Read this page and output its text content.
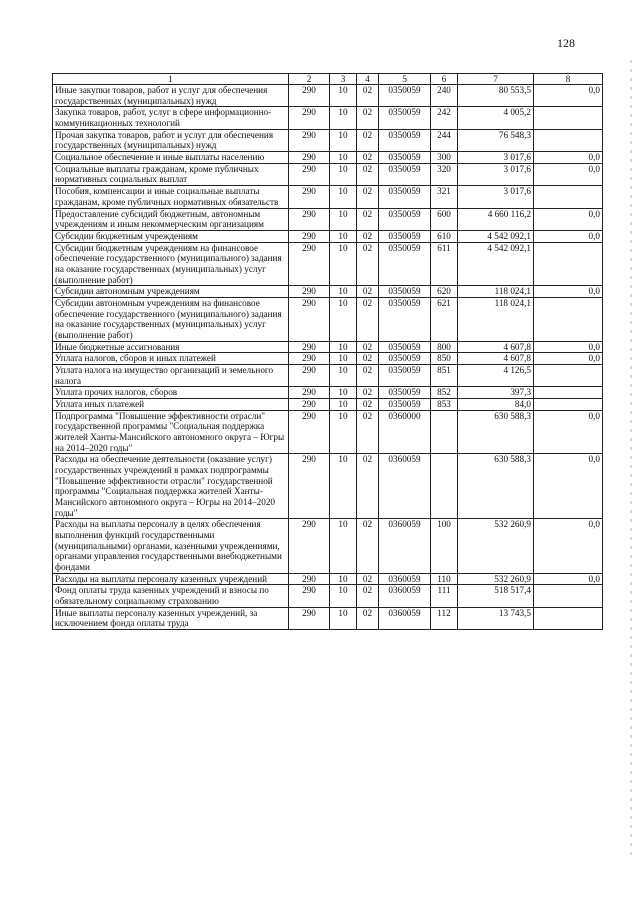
128
1	2	3	4	5	6	7	8
Иные закупки товаров, работ и услуг для обеспечения государственных (муниципальных) нужд	290	10	02	0350059	240	80 553,5	0,0
Закупка товаров, работ, услуг в сфере информационно-коммуникационных технологий	290	10	02	0350059	242	4 005,2	
Прочая закупка товаров, работ и услуг для обеспечения государственных (муниципальных) нужд	290	10	02	0350059	244	76 548,3	
Социальное обеспечение и иные выплаты населению	290	10	02	0350059	300	3 017,6	0,0
Социальные выплаты гражданам, кроме публичных нормативных социальных выплат	290	10	02	0350059	320	3 017,6	0,0
Пособия, компенсации и иные социальные выплаты гражданам, кроме публичных нормативных обязательств	290	10	02	0350059	321	3 017,6	
Предоставление субсидий бюджетным, автономным учреждениям и иным некоммерческим организациям	290	10	02	0350059	600	4 660 116,2	0,0
Субсидии бюджетным учреждениям	290	10	02	0350059	610	4 542 092,1	0,0
Субсидии бюджетным учреждениям на финансовое обеспечение государственного (муниципального) задания на оказание государственных (муниципальных) услуг (выполнение работ)	290	10	02	0350059	611	4 542 092,1	
Субсидии автономным учреждениям	290	10	02	0350059	620	118 024,1	0,0
Субсидии автономным учреждениям на финансовое обеспечение государственного (муниципального) задания на оказание государственных (муниципальных) услуг (выполнение работ)	290	10	02	0350059	621	118 024,1	
Иные бюджетные ассигнования	290	10	02	0350059	800	4 607,8	0,0
Уплата налогов, сборов и иных платежей	290	10	02	0350059	850	4 607,8	0,0
Уплата налога на имущество организаций и земельного налога	290	10	02	0350059	851	4 126,5	
Уплата прочих налогов, сборов	290	10	02	0350059	852	397,3	
Уплата иных платежей	290	10	02	0350059	853	84,0	
Подпрограмма "Повышение эффективности отрасли" государственной программы "Социальная поддержка жителей Ханты-Мансийского автономного округа – Югры на 2014–2020 годы"	290	10	02	0360000		630 588,3	0,0
Расходы на обеспечение деятельности (оказание услуг) государственных учреждений в рамках подпрограммы "Повышение эффективности отрасли" государственной программы "Социальная поддержка жителей Ханты-Мансийского автономного округа – Югры на 2014–2020 годы"	290	10	02	0360059		630 588,3	0,0
Расходы на выплаты персоналу в целях обеспечения выполнения функций государственными (муниципальными) органами, казенными учреждениями, органами управления государственными внебюджетными фондами	290	10	02	0360059	100	532 260,9	0,0
Расходы на выплаты персоналу казенных учреждений	290	10	02	0360059	110	532 260,9	0,0
Фонд оплаты труда казенных учреждений и взносы по обязательному социальному страхованию	290	10	02	0360059	111	518 517,4	
Иные выплаты персоналу казенных учреждений, за исключением фонда оплаты труда	290	10	02	0360059	112	13 743,5	
